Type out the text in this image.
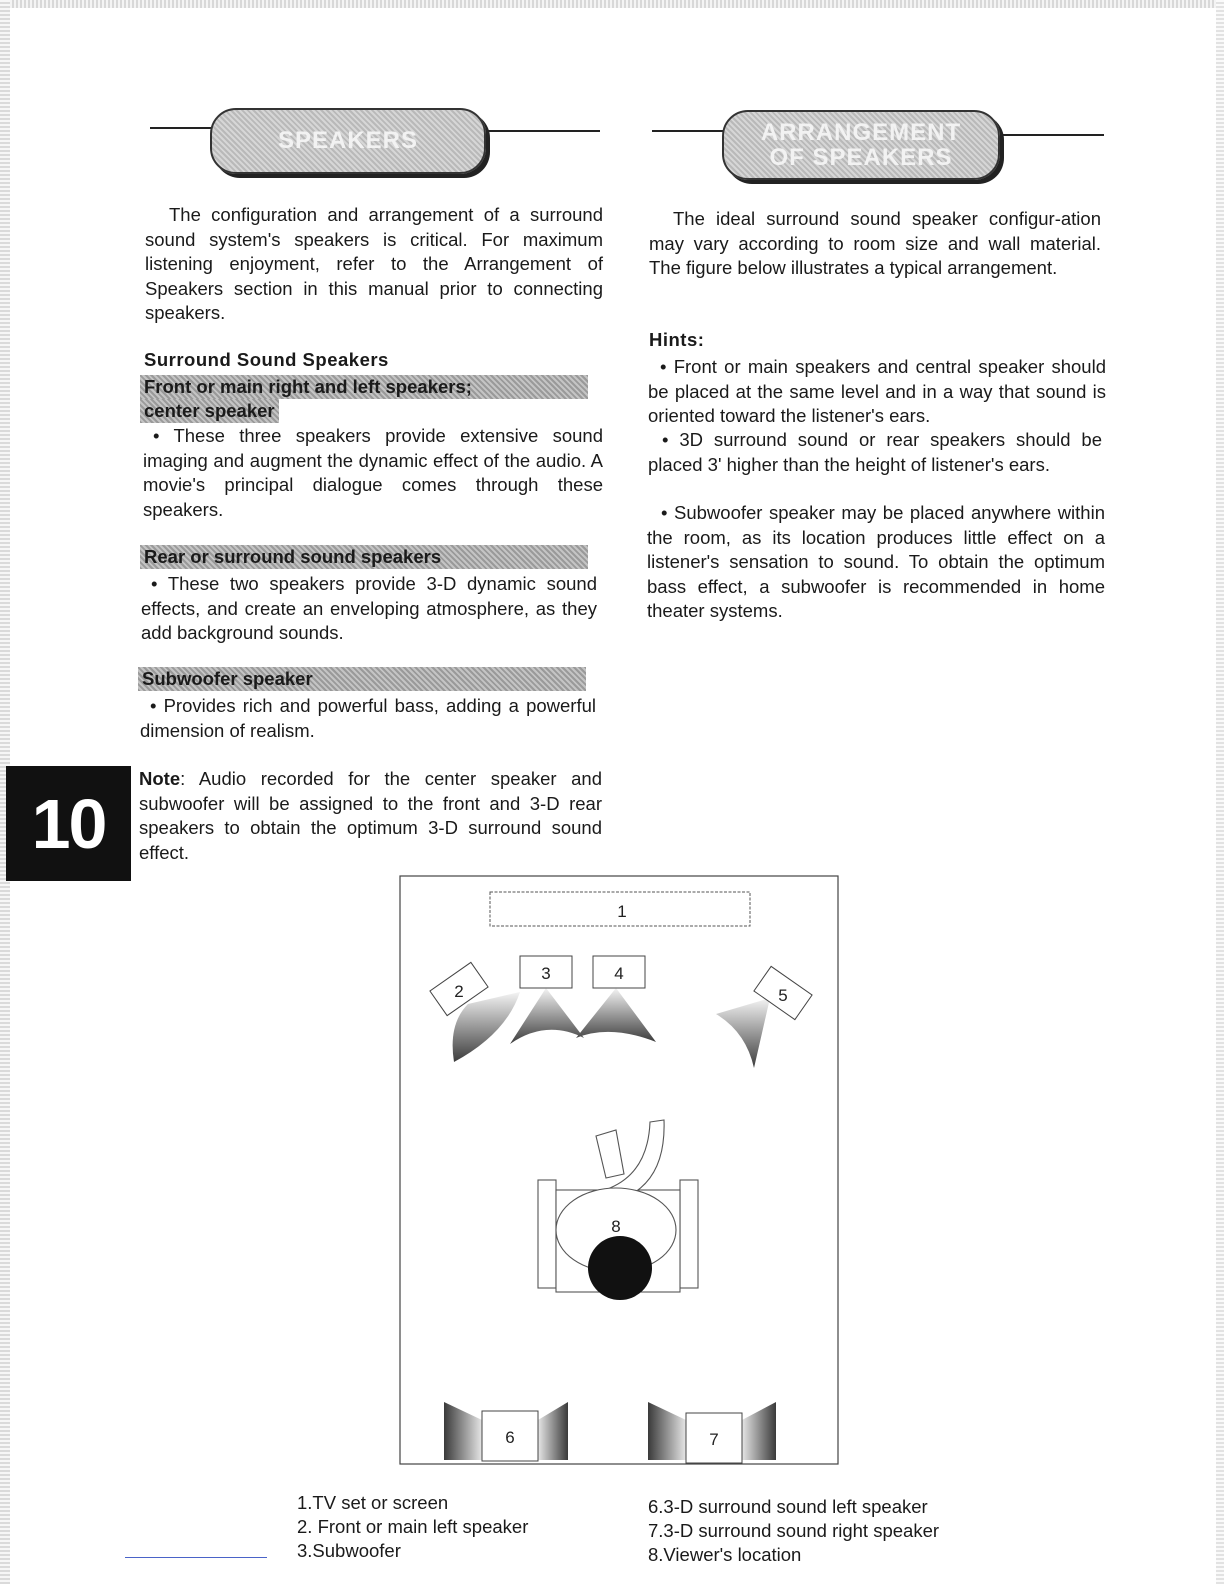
SPEAKERS	ARRANGEMENT
OF SPEAKERS
The configuration and arrangement of a surround sound system's speakers is critical. For maximum listening enjoyment, refer to the Arrangement of Speakers section in this manual prior to connecting speakers.
Surround Sound Speakers
Front or main right and left speakers;
center speaker
• These three speakers provide extensive sound imaging and augment the dynamic effect of the audio. A movie's principal dialogue comes through these speakers.
Rear or surround sound speakers
• These two speakers provide 3-D dynamic sound effects, and create an enveloping atmosphere, as they add background sounds.
Subwoofer speaker
• Provides rich and powerful bass, adding a powerful dimension of realism.
Note: Audio recorded for the center speaker and subwoofer will be assigned to the front and 3-D rear speakers to obtain the optimum 3-D surround sound effect.
10
The ideal surround sound speaker configur-ation may vary according to room size and wall material. The figure below illustrates a typical arrangement.
Hints:
• Front or main speakers and central speaker should be placed at the same level and in a way that sound is oriented toward the listener's ears.
• 3D surround sound or rear speakers should be placed 3' higher than the height of listener's ears.
• Subwoofer speaker may be placed anywhere within the room, as its location produces little effect on a listener's sensation to sound. To obtain the optimum bass effect, a subwoofer is recommended in home theater systems.
1
2
3	4
5
8
6	7
1.TV set or screen
2. Front or main left speaker
3.Subwoofer
6.3-D surround sound left speaker
7.3-D surround sound right speaker
8.Viewer's location
